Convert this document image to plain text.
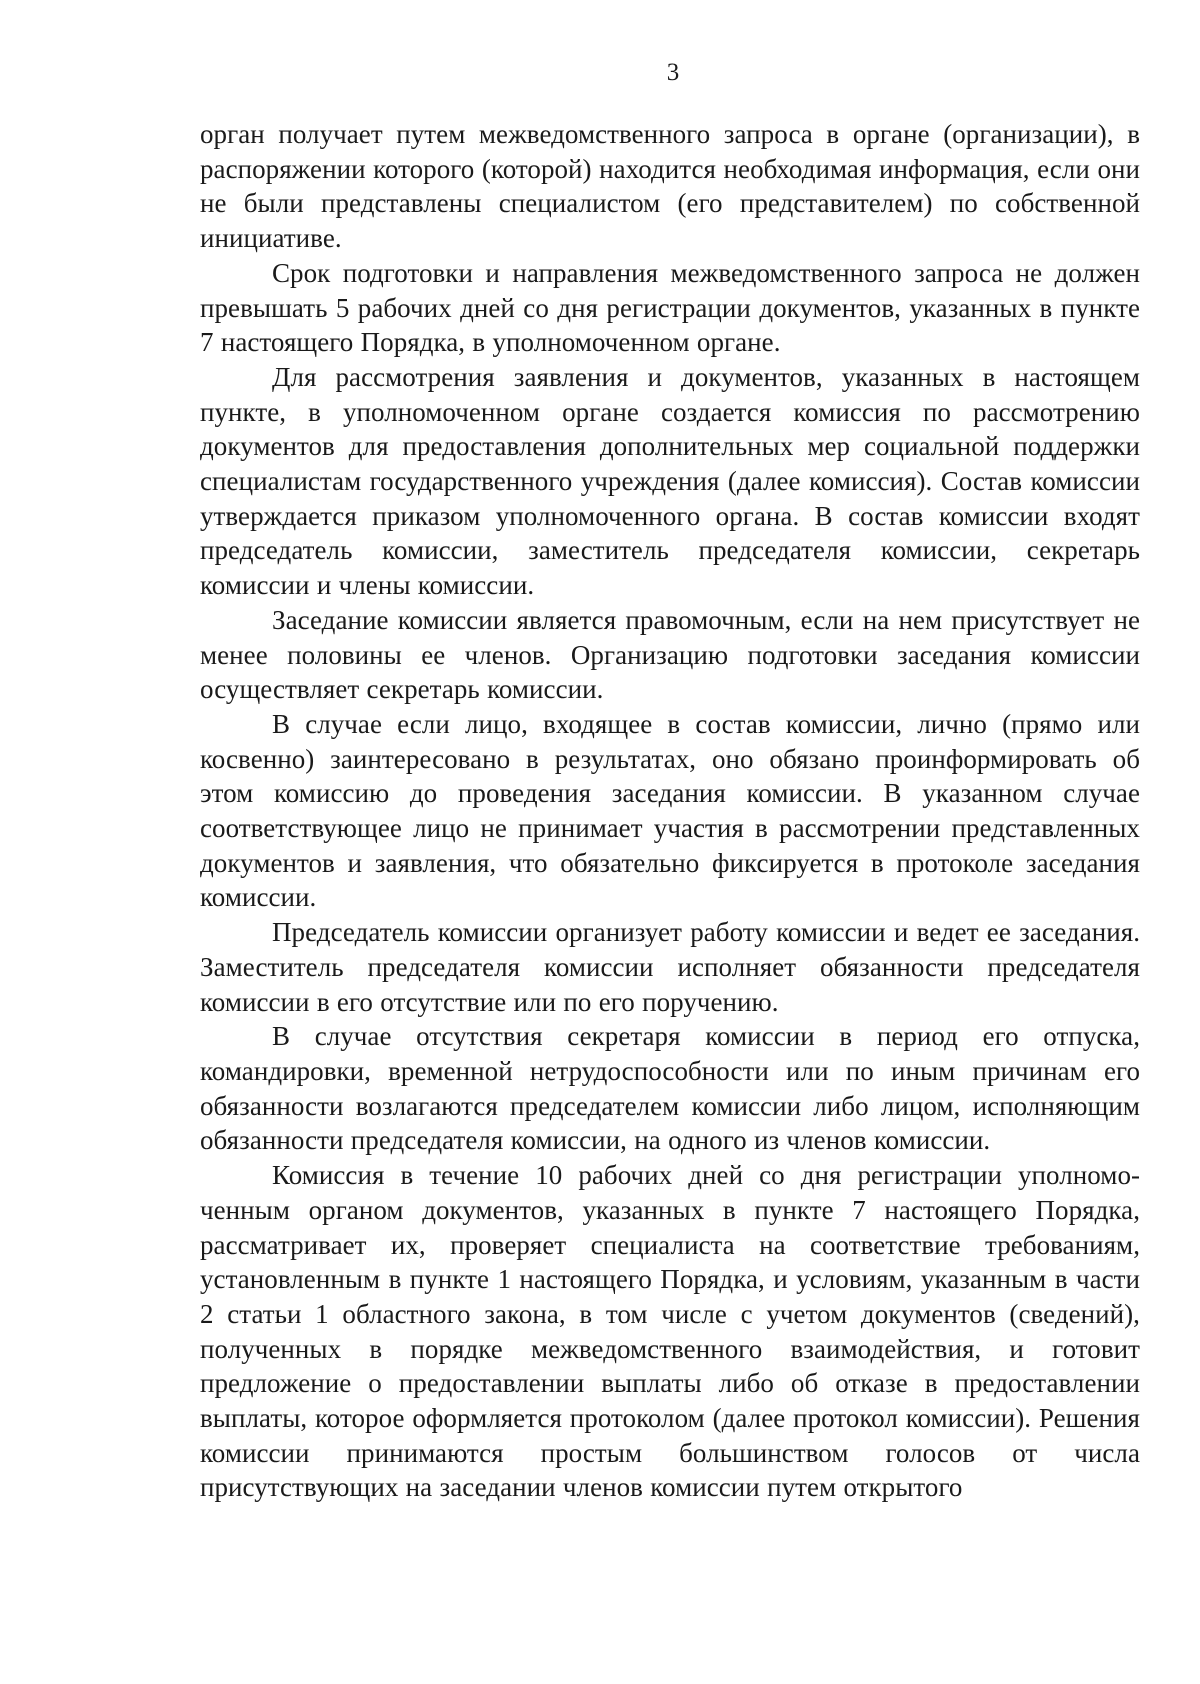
3

орган получает путем межведомственного запроса в органе (организации), в распоряжении которого (которой) находится необходимая информация, если они не были представлены специалистом (его представителем) по собственной инициативе.

Срок подготовки и направления межведомственного запроса не должен превышать 5 рабочих дней со дня регистрации документов, указанных в пункте 7 настоящего Порядка, в уполномоченном органе.

Для рассмотрения заявления и документов, указанных в настоящем пункте, в уполномоченном органе создается комиссия по рассмотрению документов для предоставления дополнительных мер социальной поддержки специалистам государственного учреждения (далее комиссия). Состав комиссии утверждается приказом уполномоченного органа. В состав комиссии входят председатель комиссии, заместитель председателя комиссии, секретарь комиссии и члены комиссии.

Заседание комиссии является правомочным, если на нем присутствует не менее половины ее членов. Организацию подготовки заседания комиссии осуществляет секретарь комиссии.

В случае если лицо, входящее в состав комиссии, лично (прямо или косвенно) заинтересовано в результатах, оно обязано проинформировать об этом комиссию до проведения заседания комиссии. В указанном случае соответствующее лицо не принимает участия в рассмотрении представленных документов и заявления, что обязательно фиксируется в протоколе заседания комиссии.

Председатель комиссии организует работу комиссии и ведет ее заседания. Заместитель председателя комиссии исполняет обязанности председателя комиссии в его отсутствие или по его поручению.

В случае отсутствия секретаря комиссии в период его отпуска, командировки, временной нетрудоспособности или по иным причинам его обязанности возлагаются председателем комиссии либо лицом, исполняющим обязанности председателя комиссии, на одного из членов комиссии.

Комиссия в течение 10 рабочих дней со дня регистрации уполномоченным органом документов, указанных в пункте 7 настоящего Порядка, рассматривает их, проверяет специалиста на соответствие требованиям, установленным в пункте 1 настоящего Порядка, и условиям, указанным в части 2 статьи 1 областного закона, в том числе с учетом документов (сведений), полученных в порядке межведомственного взаимодействия, и готовит предложение о предоставлении выплаты либо об отказе в предоставлении выплаты, которое оформляется протоколом (далее протокол комиссии). Решения комиссии принимаются простым большинством голосов от числа присутствующих на заседании членов комиссии путем открытого
